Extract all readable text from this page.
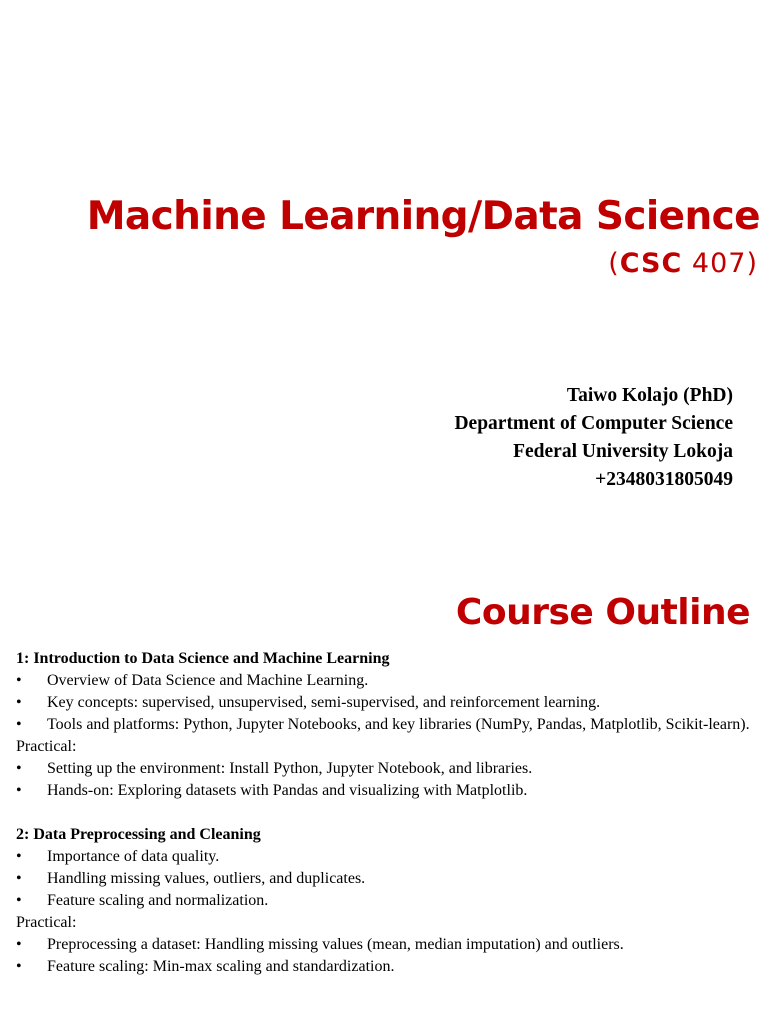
Machine Learning/Data Science

(CSC 407)

Taiwo Kolajo (PhD)
Department of Computer Science
Federal University Lokoja
+2348031805049
Course Outline
1: Introduction to Data Science and Machine Learning
•	Overview of Data Science and Machine Learning.
•	Key concepts: supervised, unsupervised, semi-supervised, and reinforcement learning.
•	Tools and platforms: Python, Jupyter Notebooks, and key libraries (NumPy, Pandas, Matplotlib, Scikit-learn).
Practical:
•	Setting up the environment: Install Python, Jupyter Notebook, and libraries.
•	Hands-on: Exploring datasets with Pandas and visualizing with Matplotlib.
2: Data Preprocessing and Cleaning
•	Importance of data quality.
•	Handling missing values, outliers, and duplicates.
•	Feature scaling and normalization.
Practical:
•	Preprocessing a dataset: Handling missing values (mean, median imputation) and outliers.
•	Feature scaling: Min-max scaling and standardization.
